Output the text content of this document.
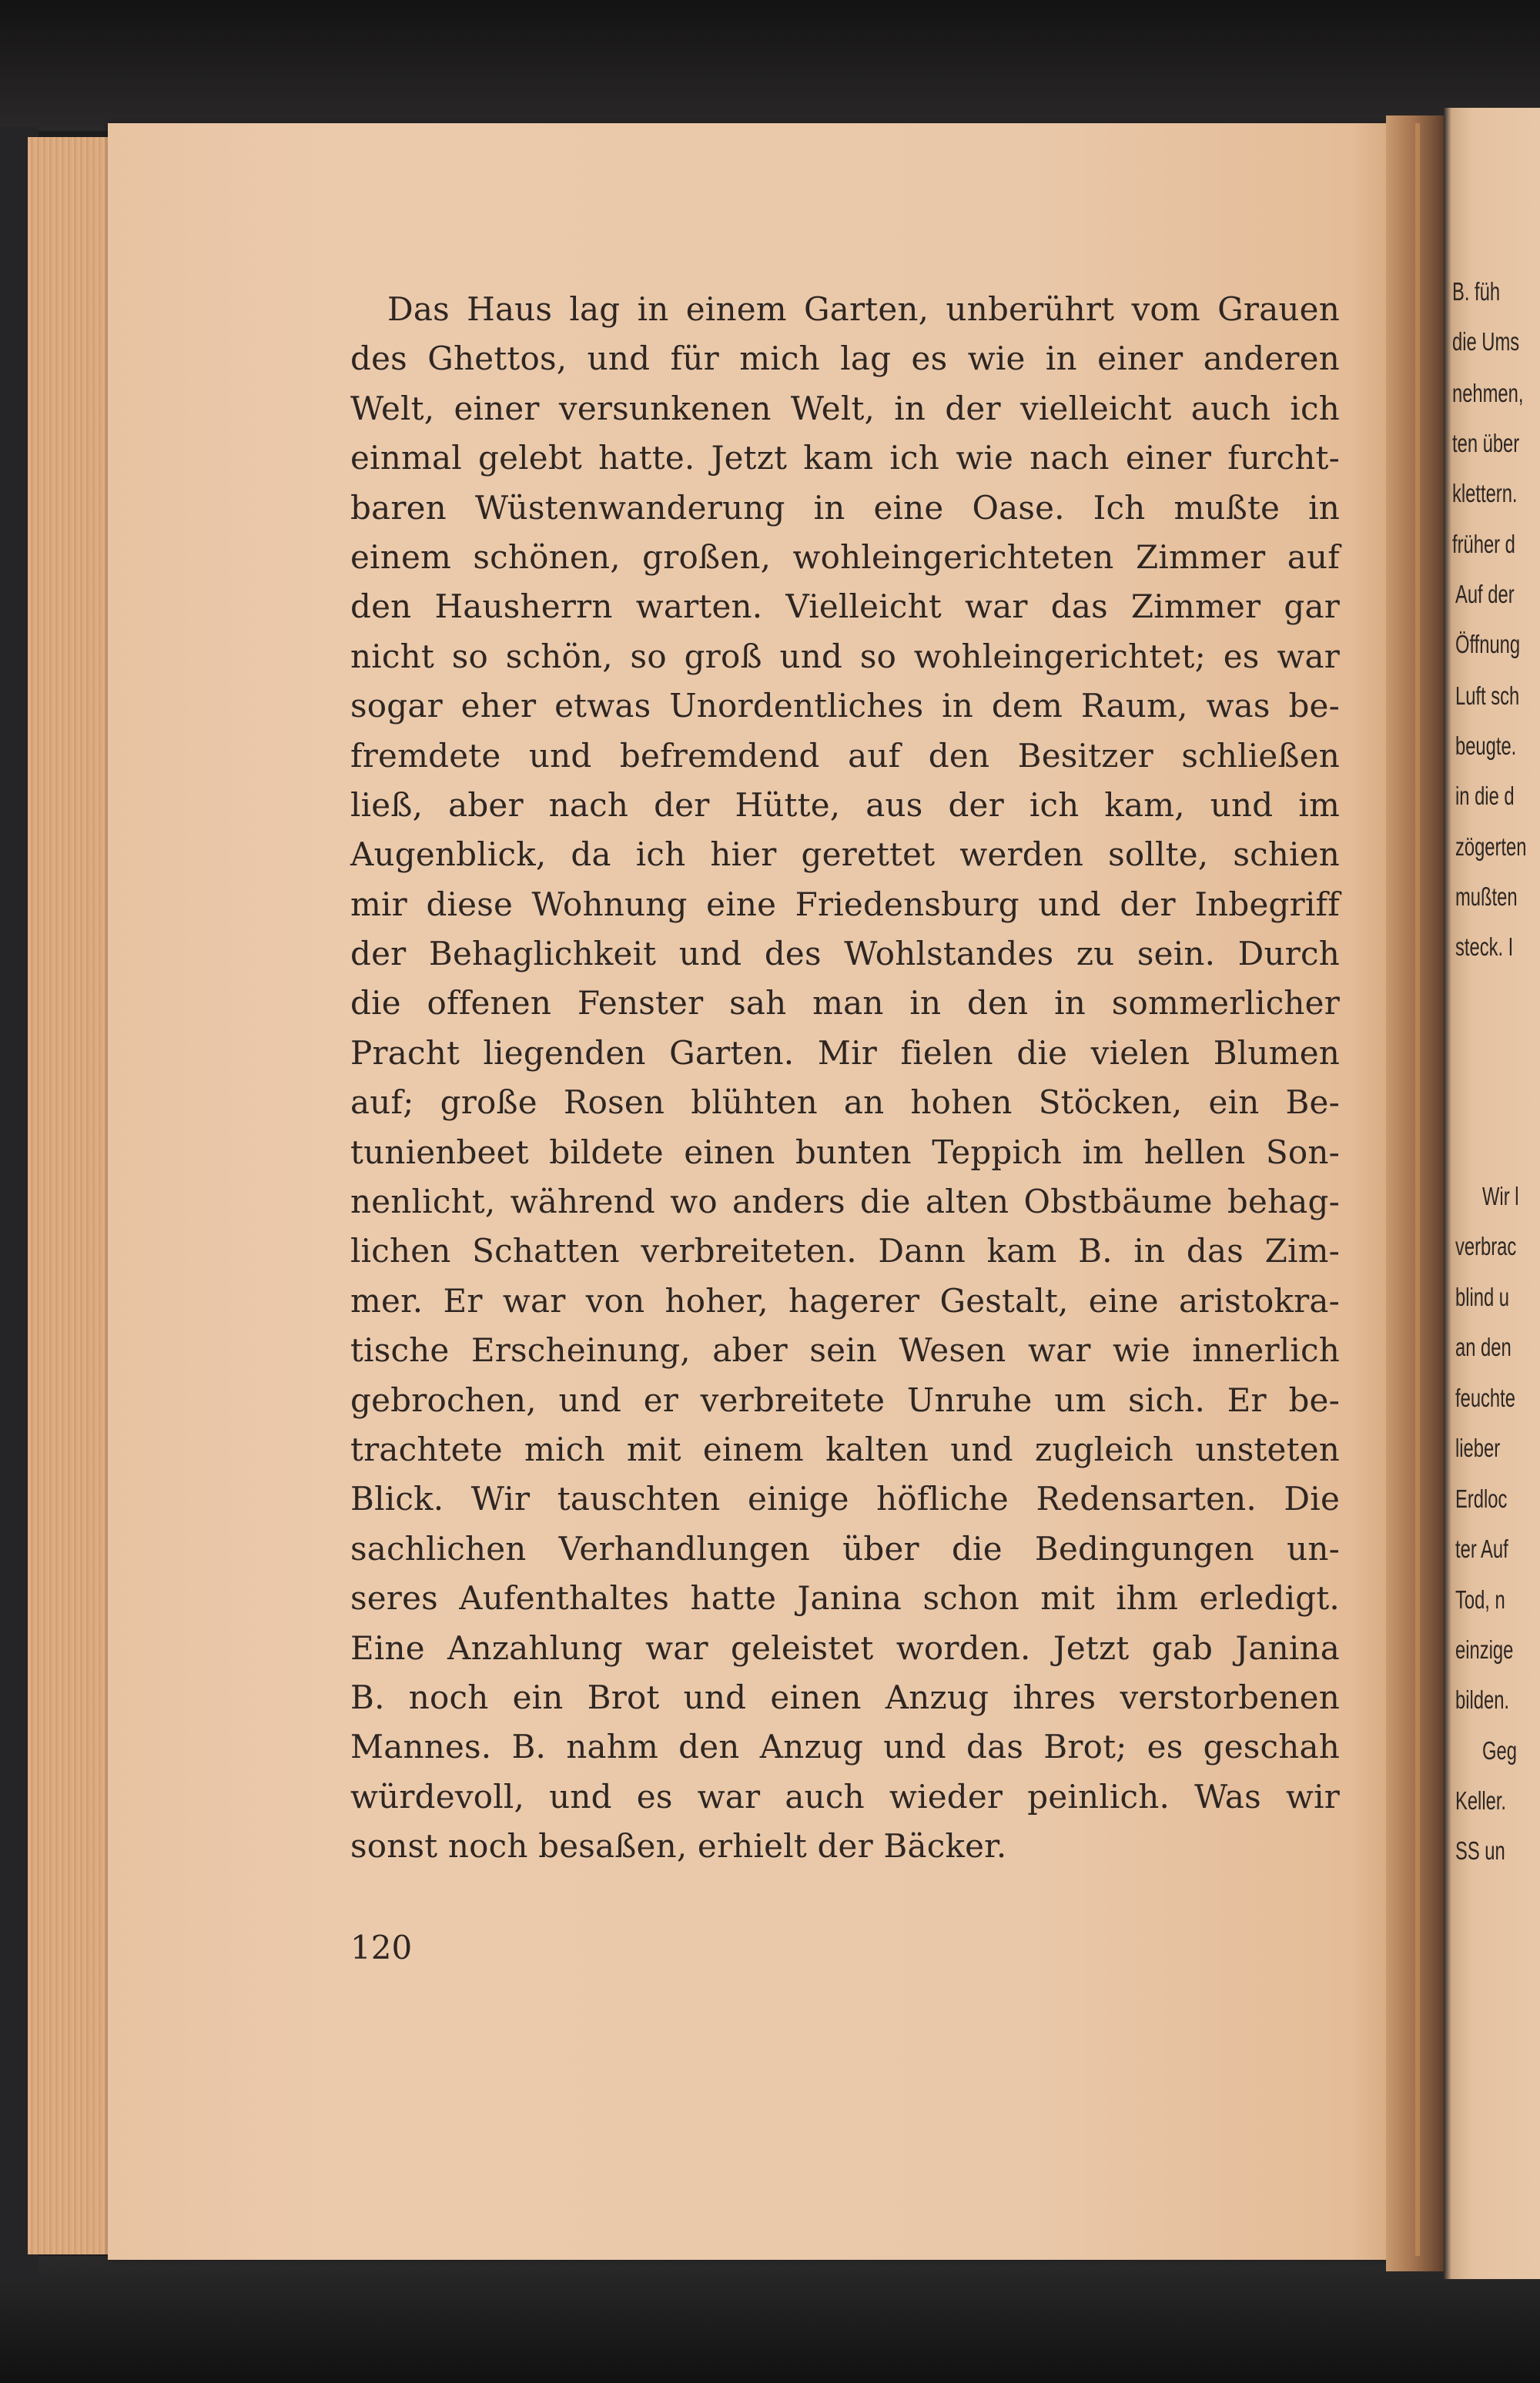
Das Haus lag in einem Garten, unberührt vom Grauen
des Ghettos, und für mich lag es wie in einer anderen
Welt, einer versunkenen Welt, in der vielleicht auch ich
einmal gelebt hatte. Jetzt kam ich wie nach einer furcht-
baren Wüstenwanderung in eine Oase. Ich mußte in
einem schönen, großen, wohleingerichteten Zimmer auf
den Hausherrn warten. Vielleicht war das Zimmer gar
nicht so schön, so groß und so wohleingerichtet; es war
sogar eher etwas Unordentliches in dem Raum, was be-
fremdete und befremdend auf den Besitzer schließen
ließ, aber nach der Hütte, aus der ich kam, und im
Augenblick, da ich hier gerettet werden sollte, schien
mir diese Wohnung eine Friedensburg und der Inbegriff
der Behaglichkeit und des Wohlstandes zu sein. Durch
die offenen Fenster sah man in den in sommerlicher
Pracht liegenden Garten. Mir fielen die vielen Blumen
auf; große Rosen blühten an hohen Stöcken, ein Be-
tunienbeet bildete einen bunten Teppich im hellen Son-
nenlicht, während wo anders die alten Obstbäume behag-
lichen Schatten verbreiteten. Dann kam B. in das Zim-
mer. Er war von hoher, hagerer Gestalt, eine aristokra-
tische Erscheinung, aber sein Wesen war wie innerlich
gebrochen, und er verbreitete Unruhe um sich. Er be-
trachtete mich mit einem kalten und zugleich unsteten
Blick. Wir tauschten einige höfliche Redensarten. Die
sachlichen Verhandlungen über die Bedingungen un-
seres Aufenthaltes hatte Janina schon mit ihm erledigt.
Eine Anzahlung war geleistet worden. Jetzt gab Janina
B. noch ein Brot und einen Anzug ihres verstorbenen
Mannes. B. nahm den Anzug und das Brot; es geschah
würdevoll, und es war auch wieder peinlich. Was wir
sonst noch besaßen, erhielt der Bäcker.
120
B. füh
die Ums
nehmen,
ten über
klettern.
früher d
Auf der
Öffnung
Luft sch
beugte.
in die d
zögerten
mußten
steck. I
Wir l
verbrac
blind u
an den
feuchte
lieber
Erdloc
ter Auf
Tod, n
einzige
bilden.
Geg
Keller.
SS un
